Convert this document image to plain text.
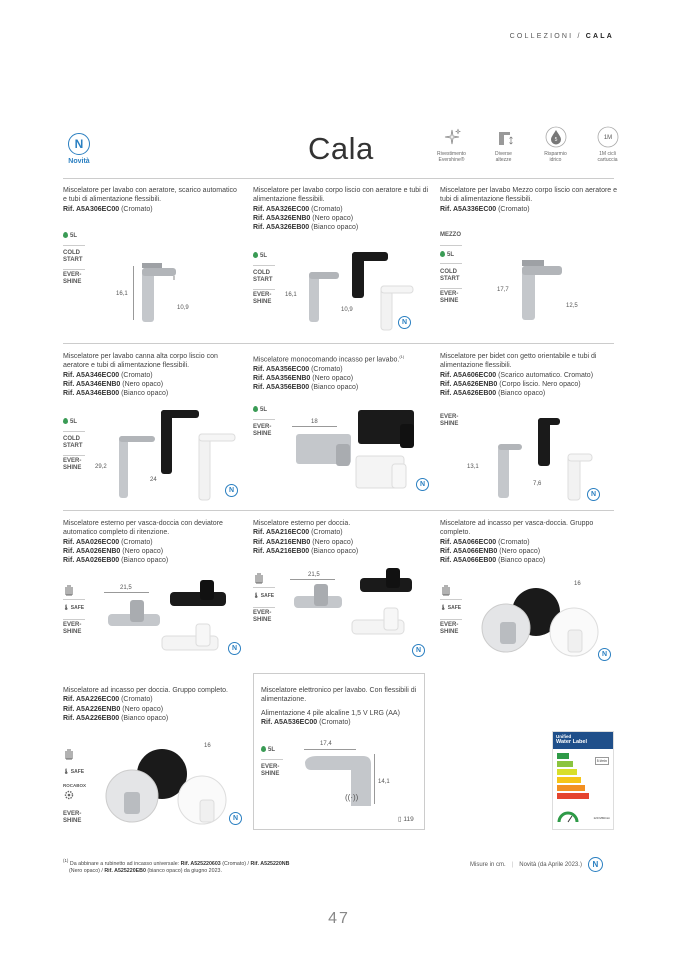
COLLEZIONI / CALA
N
Novità	Cala	Rivestimento
Evershine®
Diverse
altezze
5
Risparmio
idrico
1M
1M cicli
cartuccia
Miscelatore per lavabo con aeratore, scarico automatico e tubi di alimentazione flessibili.
Rif. A5A306EC00 (Cromato)
5L
COLD
START
EVER-
SHINE
16,1
10,9
Miscelatore per lavabo corpo liscio con aeratore e tubi di alimentazione flessibili.
Rif. A5A326EC00 (Cromato)
Rif. A5A326ENB0 (Nero opaco)
Rif. A5A326EB00 (Bianco opaco)
5L
COLD
START
EVER-
SHINE
16,1
10,9
N
Miscelatore per lavabo Mezzo corpo liscio con aeratore e tubi di alimentazione flessibili.
Rif. A5A336EC00 (Cromato)
MEZZO
5L
COLD
START
EVER-
SHINE
17,7
12,5
Miscelatore per lavabo canna alta corpo liscio con aeratore e tubi di alimentazione flessibili.
Rif. A5A346EC00 (Cromato)
Rif. A5A346ENB0 (Nero opaco)
Rif. A5A346EB00 (Bianco opaco)
5L
COLD
START
EVER-
SHINE	29,2
24
N
Miscelatore monocomando incasso per lavabo.$^{(1)}$
Rif. A5A356EC00 (Cromato)
Rif. A5A356ENB0 (Nero opaco)
Rif. A5A356EB00 (Bianco opaco)
5L
EVER-
SHINE
18
N
Miscelatore per bidet con getto orientabile e tubi di alimentazione flessibili.
Rif. A5A606EC00 (Scarico automatico. Cromato)
Rif. A5A626ENB0 (Corpo liscio. Nero opaco)
Rif. A5A626EB00 (Bianco opaco)
EVER-
SHINE
13,1
7,6
N
Miscelatore esterno per vasca-doccia con deviatore automatico completo di ritenzione.
Rif. A5A026EC00 (Cromato)
Rif. A5A026ENB0 (Nero opaco)
Rif. A5A026EB00 (Bianco opaco)
🌡 SAFE
EVER-
SHINE
21,5
N
Miscelatore esterno per doccia.
Rif. A5A216EC00 (Cromato)
Rif. A5A216ENB0 (Nero opaco)
Rif. A5A216EB00 (Bianco opaco)
🌡 SAFE
EVER-
SHINE
21,5
N
Miscelatore ad incasso per vasca-doccia. Gruppo completo.
Rif. A5A066EC00 (Cromato)
Rif. A5A066ENB0 (Nero opaco)
Rif. A5A066EB00 (Bianco opaco)
🌡 SAFE
EVER-
SHINE
16
N
Miscelatore ad incasso per doccia. Gruppo completo.
Rif. A5A226EC00 (Cromato)
Rif. A5A226ENB0 (Nero opaco)
Rif. A5A226EB00 (Bianco opaco)
🌡 SAFE
ROCABOX
EVER-
SHINE
16
N
Miscelatore elettronico per lavabo. Con flessibili di alimentazione.
Alimentazione 4 pile alcaline 1,5 V LRG (AA)
Rif. A5A536EC00 (Cromato)
5L
EVER-
SHINE
17,4
14,1
((·))
▯ 119
Unified
Water Label
5 l/min
120 MM/min
$^{(1)}$ Da abbinare a rubinetto ad incasso universale: Rif. A525220603 (Cromato) / Rif. A525220NB
(Nero opaco) / Rif. A525220EB0 (bianco opaco) da giugno 2023.
Misure in cm. | Novità (da Aprile 2023.)	N
47
